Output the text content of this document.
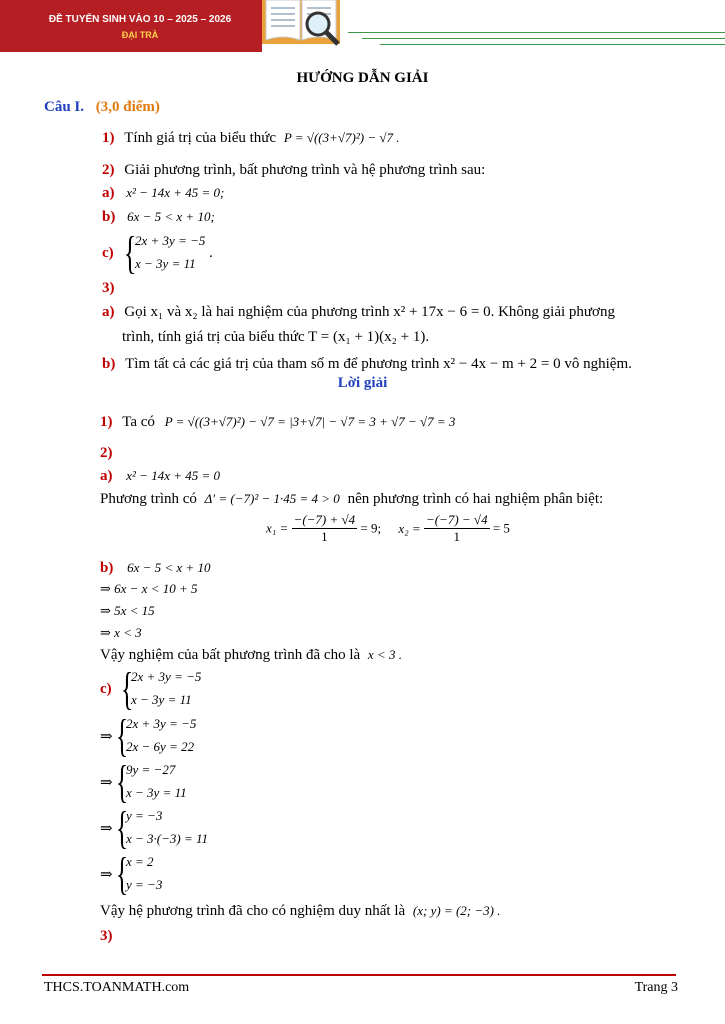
ĐỀ TUYỂN SINH VÀO 10 – 2025 – 2026
ĐẠI TRÀ
HƯỚNG DẪN GIẢI
Câu I. (3,0 điểm)
1) Tính giá trị của biểu thức P = √((3+√7)²) − √7 .
2) Giải phương trình, bất phương trình và hệ phương trình sau:
a) x² − 14x + 45 = 0;
b) 6x − 5 < x + 10;
c) {
2x + 3y = −5
x − 3y = 11
.
3)
a) Gọi x₁ và x₂ là hai nghiệm của phương trình x² + 17x − 6 = 0. Không giải phương
trình, tính giá trị của biểu thức T = (x₁ + 1)(x₂ + 1).
b) Tìm tất cả các giá trị của tham số m để phương trình x² − 4x − m + 2 = 0 vô nghiệm.
Lời giải
1) Ta có P = √((3+√7)²) − √7 = |3+√7| − √7 = 3 + √7 − √7 = 3
2)
a) x² − 14x + 45 = 0
Phương trình có Δ′ = (−7)² − 1·45 = 4 > 0 nên phương trình có hai nghiệm phân biệt:
$x_1 = \frac{-(-7) + √4}{1} = 9$; $x_2 = \frac{-(-7) - √4}{1} = 5$
b) 6x − 5 < x + 10
⇒ 6x − x < 10 + 5
⇒ 5x < 15
⇒ x < 3
Vậy nghiệm của bất phương trình đã cho là x < 3 .
c) {
2x + 3y = −5
x − 3y = 11
⇒ {
2x + 3y = −5
2x − 6y = 22
⇒ {
9y = −27
x − 3y = 11
⇒ {
y = −3
x − 3·(−3) = 11
⇒ {
x = 2
y = −3
Vậy hệ phương trình đã cho có nghiệm duy nhất là (x; y) = (2; −3) .
3)
THCS.TOANMATH.com	Trang 3
